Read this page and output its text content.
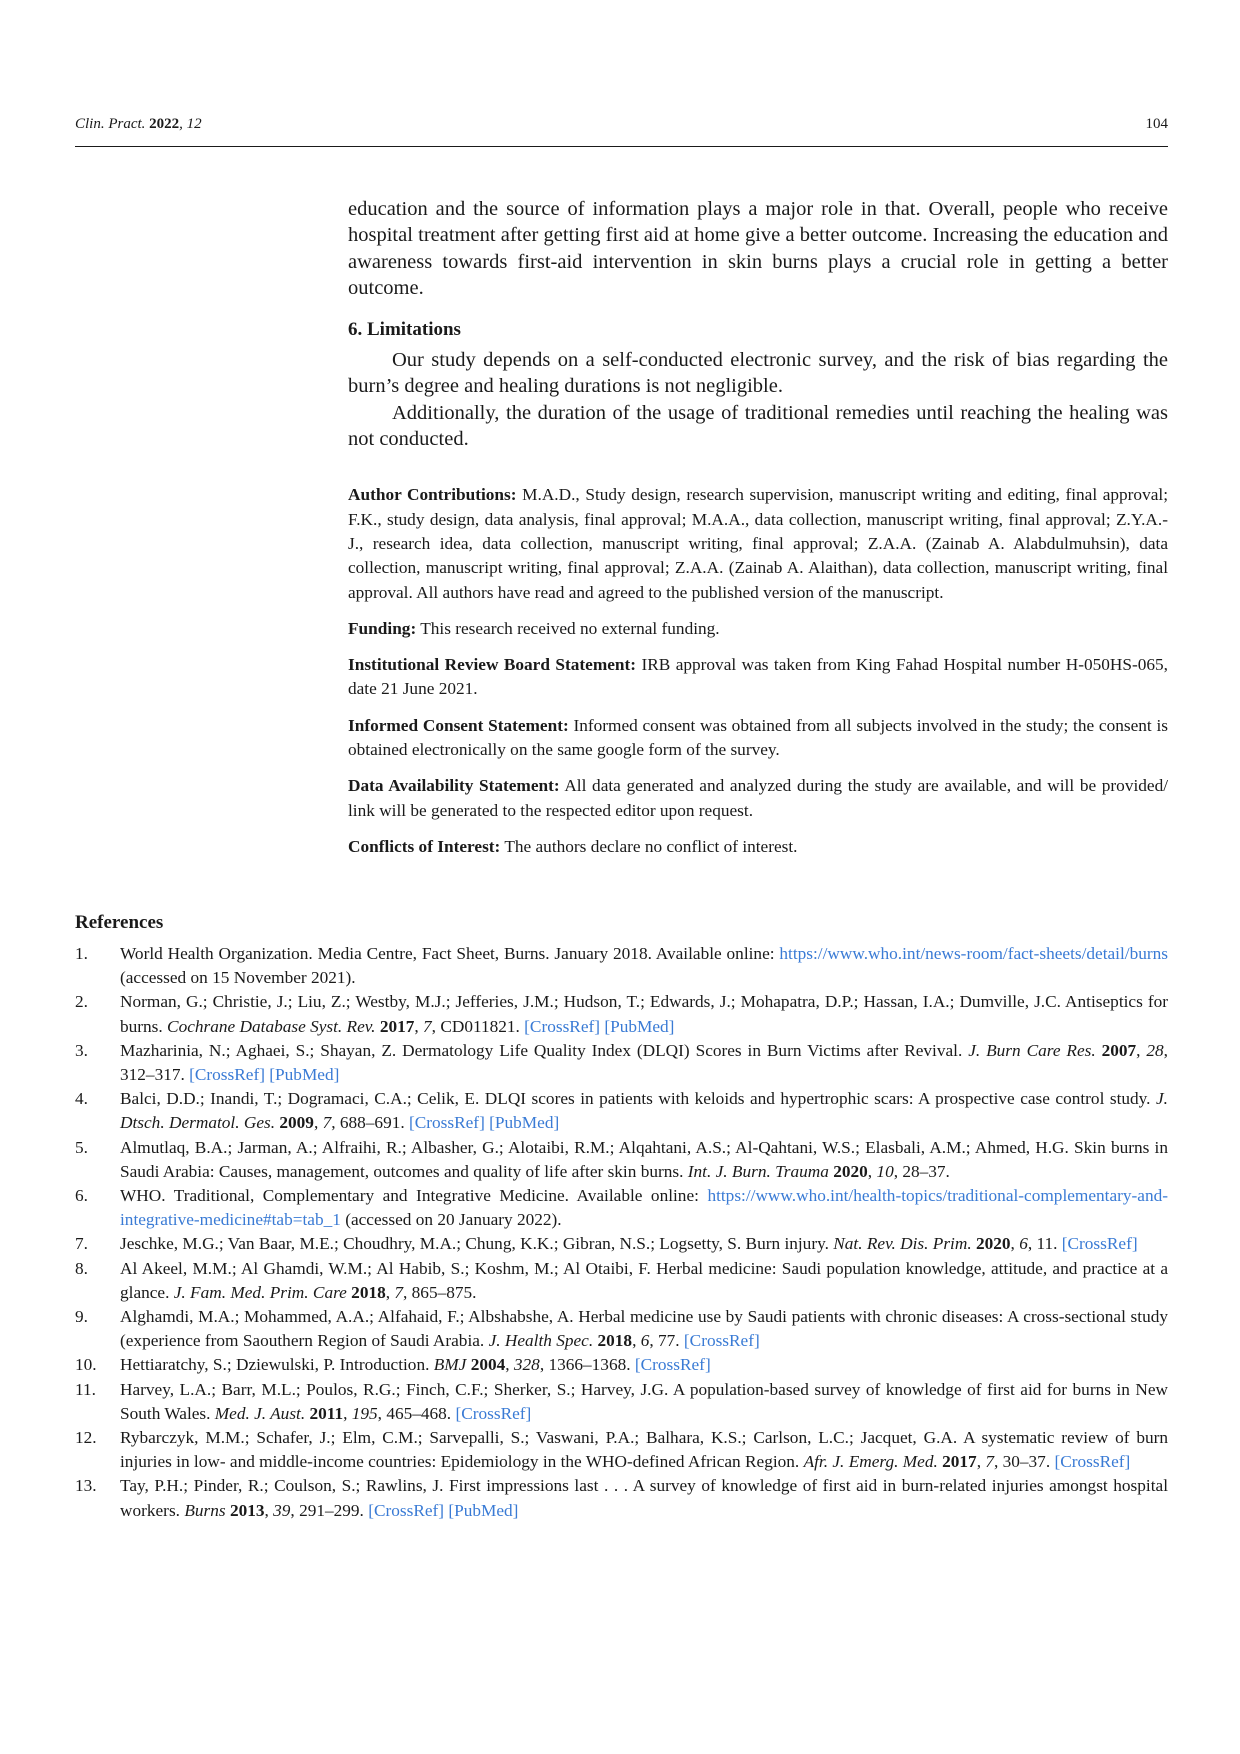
Clin. Pract. 2022, 12	104

education and the source of information plays a major role in that. Overall, people who receive hospital treatment after getting first aid at home give a better outcome. Increasing the education and awareness towards first-aid intervention in skin burns plays a crucial role in getting a better outcome.

6. Limitations

Our study depends on a self-conducted electronic survey, and the risk of bias regarding the burn’s degree and healing durations is not negligible.

Additionally, the duration of the usage of traditional remedies until reaching the healing was not conducted.

Author Contributions: M.A.D., Study design, research supervision, manuscript writing and editing, final approval; F.K., study design, data analysis, final approval; M.A.A., data collection, manuscript writing, final approval; Z.Y.A.-J., research idea, data collection, manuscript writing, final approval; Z.A.A. (Zainab A. Alabdulmuhsin), data collection, manuscript writing, final approval; Z.A.A. (Zainab A. Alaithan), data collection, manuscript writing, final approval. All authors have read and agreed to the published version of the manuscript.

Funding: This research received no external funding.

Institutional Review Board Statement: IRB approval was taken from King Fahad Hospital number H-050HS-065, date 21 June 2021.

Informed Consent Statement: Informed consent was obtained from all subjects involved in the study; the consent is obtained electronically on the same google form of the survey.

Data Availability Statement: All data generated and analyzed during the study are available, and will be provided/ link will be generated to the respected editor upon request.

Conflicts of Interest: The authors declare no conflict of interest.

References
1.	World Health Organization. Media Centre, Fact Sheet, Burns. January 2018. Available online: https://www.who.int/news-room/fact-sheets/detail/burns (accessed on 15 November 2021).
2.	Norman, G.; Christie, J.; Liu, Z.; Westby, M.J.; Jefferies, J.M.; Hudson, T.; Edwards, J.; Mohapatra, D.P.; Hassan, I.A.; Dumville, J.C. Antiseptics for burns. Cochrane Database Syst. Rev. 2017, 7, CD011821. [CrossRef] [PubMed]
3.	Mazharinia, N.; Aghaei, S.; Shayan, Z. Dermatology Life Quality Index (DLQI) Scores in Burn Victims after Revival. J. Burn Care Res. 2007, 28, 312–317. [CrossRef] [PubMed]
4.	Balci, D.D.; Inandi, T.; Dogramaci, C.A.; Celik, E. DLQI scores in patients with keloids and hypertrophic scars: A prospective case control study. J. Dtsch. Dermatol. Ges. 2009, 7, 688–691. [CrossRef] [PubMed]
5.	Almutlaq, B.A.; Jarman, A.; Alfraihi, R.; Albasher, G.; Alotaibi, R.M.; Alqahtani, A.S.; Al-Qahtani, W.S.; Elasbali, A.M.; Ahmed, H.G. Skin burns in Saudi Arabia: Causes, management, outcomes and quality of life after skin burns. Int. J. Burn. Trauma 2020, 10, 28–37.
6.	WHO. Traditional, Complementary and Integrative Medicine. Available online: https://www.who.int/health-topics/traditional-complementary-and-integrative-medicine#tab=tab_1 (accessed on 20 January 2022).
7.	Jeschke, M.G.; Van Baar, M.E.; Choudhry, M.A.; Chung, K.K.; Gibran, N.S.; Logsetty, S. Burn injury. Nat. Rev. Dis. Prim. 2020, 6, 11. [CrossRef]
8.	Al Akeel, M.M.; Al Ghamdi, W.M.; Al Habib, S.; Koshm, M.; Al Otaibi, F. Herbal medicine: Saudi population knowledge, attitude, and practice at a glance. J. Fam. Med. Prim. Care 2018, 7, 865–875.
9.	Alghamdi, M.A.; Mohammed, A.A.; Alfahaid, F.; Albshabshe, A. Herbal medicine use by Saudi patients with chronic diseases: A cross-sectional study (experience from Saouthern Region of Saudi Arabia. J. Health Spec. 2018, 6, 77. [CrossRef]
10.	Hettiaratchy, S.; Dziewulski, P. Introduction. BMJ 2004, 328, 1366–1368. [CrossRef]
11.	Harvey, L.A.; Barr, M.L.; Poulos, R.G.; Finch, C.F.; Sherker, S.; Harvey, J.G. A population-based survey of knowledge of first aid for burns in New South Wales. Med. J. Aust. 2011, 195, 465–468. [CrossRef]
12.	Rybarczyk, M.M.; Schafer, J.; Elm, C.M.; Sarvepalli, S.; Vaswani, P.A.; Balhara, K.S.; Carlson, L.C.; Jacquet, G.A. A systematic review of burn injuries in low- and middle-income countries: Epidemiology in the WHO-defined African Region. Afr. J. Emerg. Med. 2017, 7, 30–37. [CrossRef]
13.	Tay, P.H.; Pinder, R.; Coulson, S.; Rawlins, J. First impressions last . . . A survey of knowledge of first aid in burn-related injuries amongst hospital workers. Burns 2013, 39, 291–299. [CrossRef] [PubMed]
